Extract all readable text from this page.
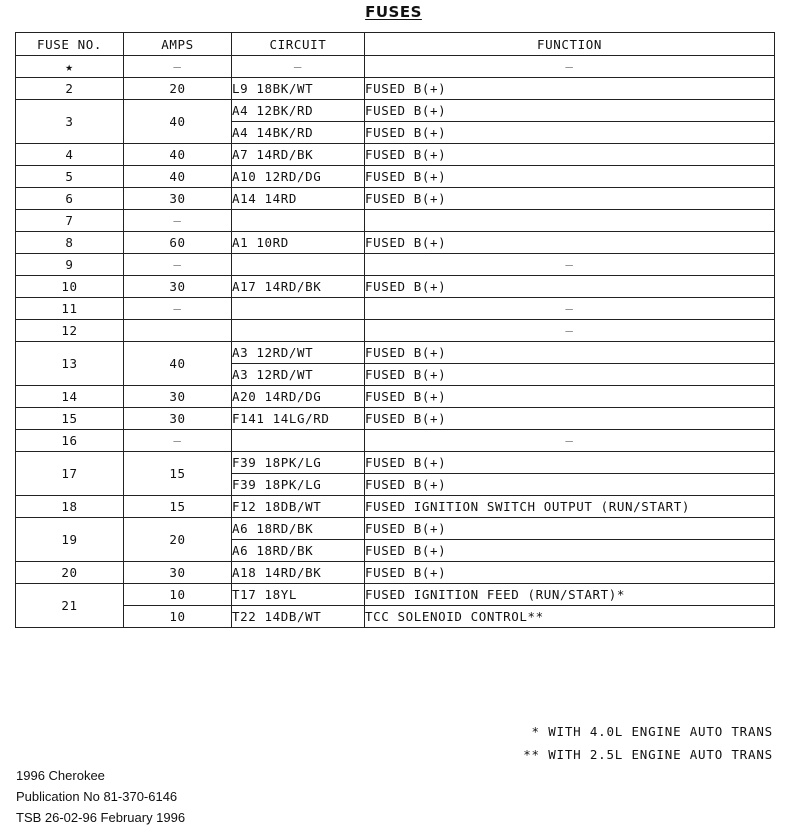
FUSES
FUSE NO.	AMPS	CIRCUIT	FUNCTION
★	–	–	–
2	20	L9 18BK/WT	FUSED B(+)
3	40	A4 12BK/RD	FUSED B(+)
		A4 14BK/RD	FUSED B(+)
4	40	A7 14RD/BK	FUSED B(+)
5	40	A10 12RD/DG	FUSED B(+)
6	30	A14 14RD	FUSED B(+)
7	–		
8	60	A1 10RD	FUSED B(+)
9	–		–
10	30	A17 14RD/BK	FUSED B(+)
11	–		–
12			–
13	40	A3 12RD/WT	FUSED B(+)
		A3 12RD/WT	FUSED B(+)
14	30	A20 14RD/DG	FUSED B(+)
15	30	F141 14LG/RD	FUSED B(+)
16	–		–
17	15	F39 18PK/LG	FUSED B(+)
		F39 18PK/LG	FUSED B(+)
18	15	F12 18DB/WT	FUSED IGNITION SWITCH OUTPUT (RUN/START)
19	20	A6 18RD/BK	FUSED B(+)
		A6 18RD/BK	FUSED B(+)
20	30	A18 14RD/BK	FUSED B(+)
21	10	T17 18YL	FUSED IGNITION FEED (RUN/START)*
	10	T22 14DB/WT	TCC SOLENOID CONTROL**
* WITH 4.0L ENGINE AUTO TRANS
** WITH 2.5L ENGINE AUTO TRANS
1996 Cherokee
Publication No 81-370-6146
TSB 26-02-96 February 1996
